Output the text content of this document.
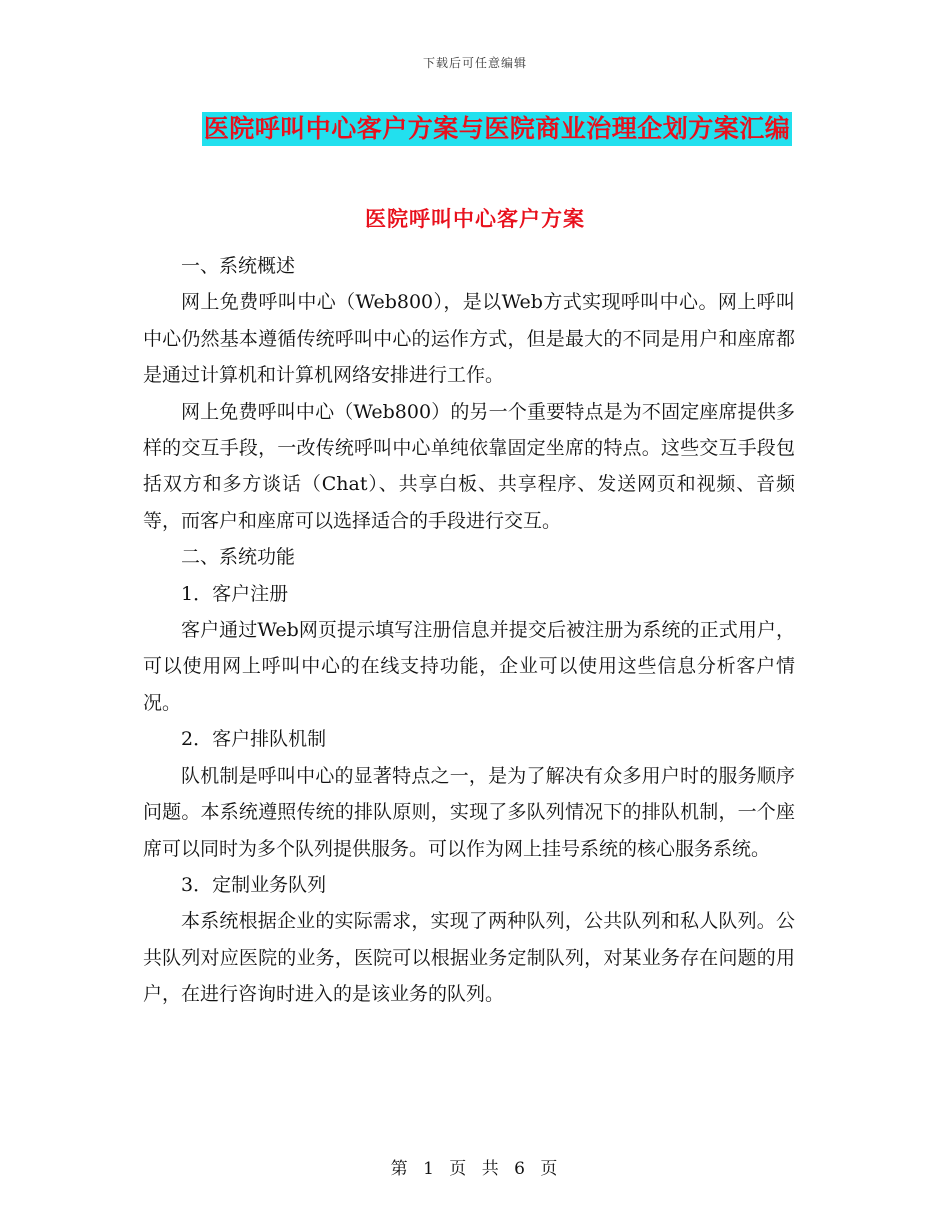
下载后可任意编辑
医院呼叫中心客户方案与医院商业治理企划方案汇编
医院呼叫中心客户方案

一、系统概述

网上免费呼叫中心（Web800），是以Web方式实现呼叫中心。网上呼叫中心仍然基本遵循传统呼叫中心的运作方式，但是最大的不同是用户和座席都是通过计算机和计算机网络安排进行工作。

网上免费呼叫中心（Web800）的另一个重要特点是为不固定座席提供多样的交互手段，一改传统呼叫中心单纯依靠固定坐席的特点。这些交互手段包括双方和多方谈话（Chat）、共享白板、共享程序、发送网页和视频、音频等，而客户和座席可以选择适合的手段进行交互。

二、系统功能

1．客户注册

客户通过Web网页提示填写注册信息并提交后被注册为系统的正式用户，可以使用网上呼叫中心的在线支持功能，企业可以使用这些信息分析客户情况。

2．客户排队机制

队机制是呼叫中心的显著特点之一，是为了解决有众多用户时的服务顺序问题。本系统遵照传统的排队原则，实现了多队列情况下的排队机制，一个座席可以同时为多个队列提供服务。可以作为网上挂号系统的核心服务系统。

3．定制业务队列

本系统根据企业的实际需求，实现了两种队列，公共队列和私人队列。公共队列对应医院的业务，医院可以根据业务定制队列，对某业务存在问题的用户，在进行咨询时进入的是该业务的队列。

第 1 页 共 6 页
